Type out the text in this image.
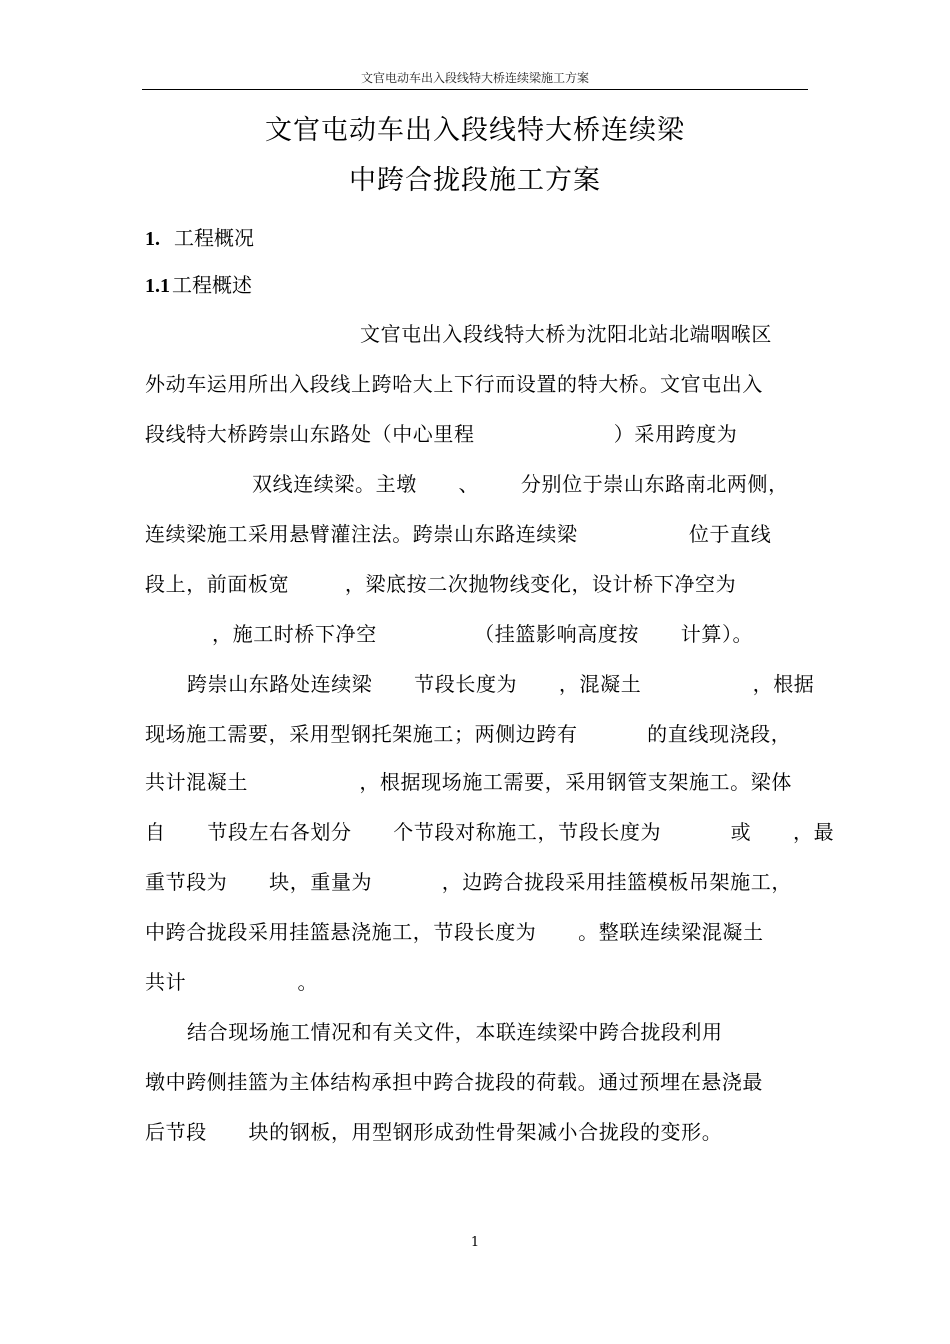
文官电动车出入段线特大桥连续梁施工方案
文官屯动车出入段线特大桥连续梁
中跨合拢段施工方案
1. 工程概况
1.1 工程概述
文官屯出入段线特大桥为沈阳北站北端咽喉区
外动车运用所出入段线上跨哈大上下行而设置的特大桥。文官屯出入
段线特大桥跨崇山东路处（中心里程                    ）采用跨度为
双线连续梁。主墩      、      分别位于崇山东路南北两侧，
连续梁施工采用悬臂灌注法。跨崇山东路连续梁                位于直线
段上，前面板宽        ，梁底按二次抛物线变化，设计桥下净空为
，施工时桥下净空              （挂篮影响高度按      计算）。
跨崇山东路处连续梁      节段长度为      ，混凝土                ，根据
现场施工需要，采用型钢托架施工；两侧边跨有          的直线现浇段，
共计混凝土                ，根据现场施工需要，采用钢管支架施工。梁体
自      节段左右各划分      个节段对称施工，节段长度为          或      ，最
重节段为      块，重量为          ，边跨合拢段采用挂篮模板吊架施工，
中跨合拢段采用挂篮悬浇施工，节段长度为      。整联连续梁混凝土
共计                。
结合现场施工情况和有关文件，本联连续梁中跨合拢段利用
墩中跨侧挂篮为主体结构承担中跨合拢段的荷载。通过预埋在悬浇最
后节段      块的钢板，用型钢形成劲性骨架减小合拢段的变形。
1
